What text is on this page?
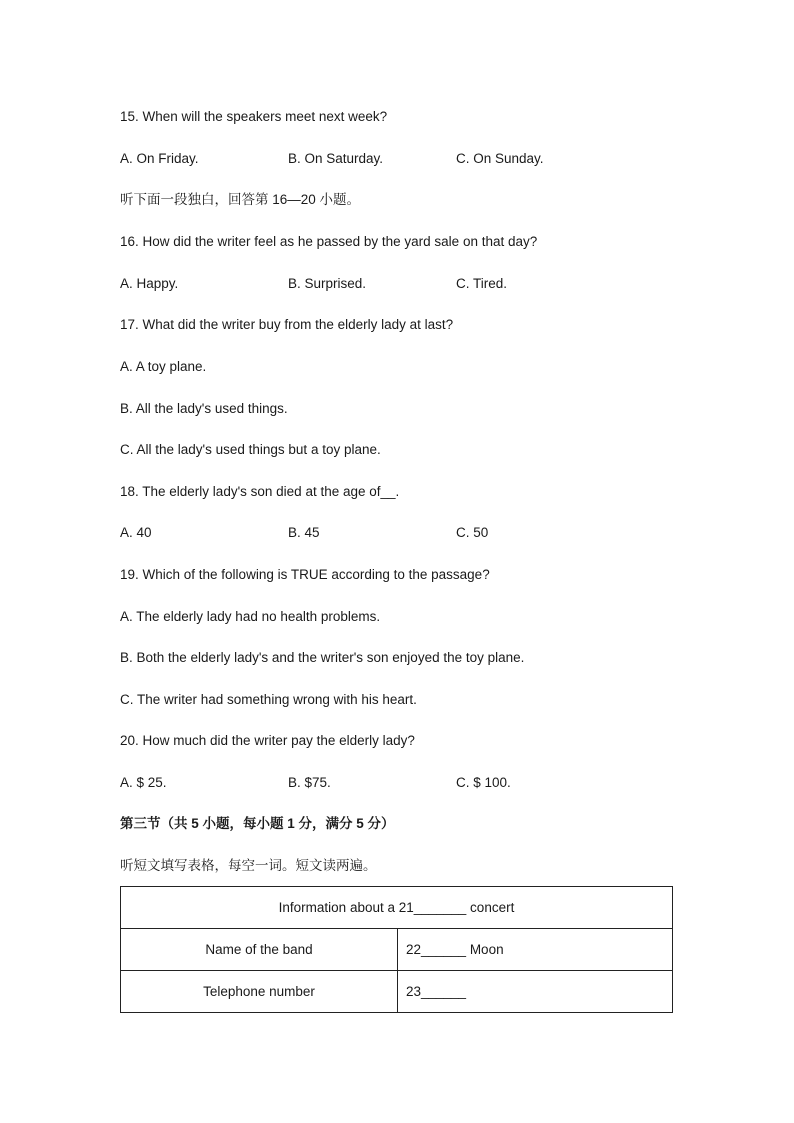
15. When will the speakers meet next week?
A. On Friday.	B. On Saturday.	C. On Sunday.
听下面一段独白，回答第 16—20 小题。
16. How did the writer feel as he passed by the yard sale on that day?
A. Happy.	B. Surprised.	C. Tired.
17. What did the writer buy from the elderly lady at last?
A. A toy plane.
B. All the lady's used things.
C. All the lady's used things but a toy plane.
18. The elderly lady's son died at the age of__.
A. 40	B. 45	C. 50
19. Which of the following is TRUE according to the passage?
A. The elderly lady had no health problems.
B. Both the elderly lady's and the writer's son enjoyed the toy plane.
C. The writer had something wrong with his heart.
20. How much did the writer pay the elderly lady?
A. $ 25.	B. $75.	C. $ 100.
第三节（共 5 小题，每小题 1 分，满分 5 分）
听短文填写表格，每空一词。短文读两遍。
Information about a 21_______ concert	
Name of the band	22______ Moon
Telephone number	23______
